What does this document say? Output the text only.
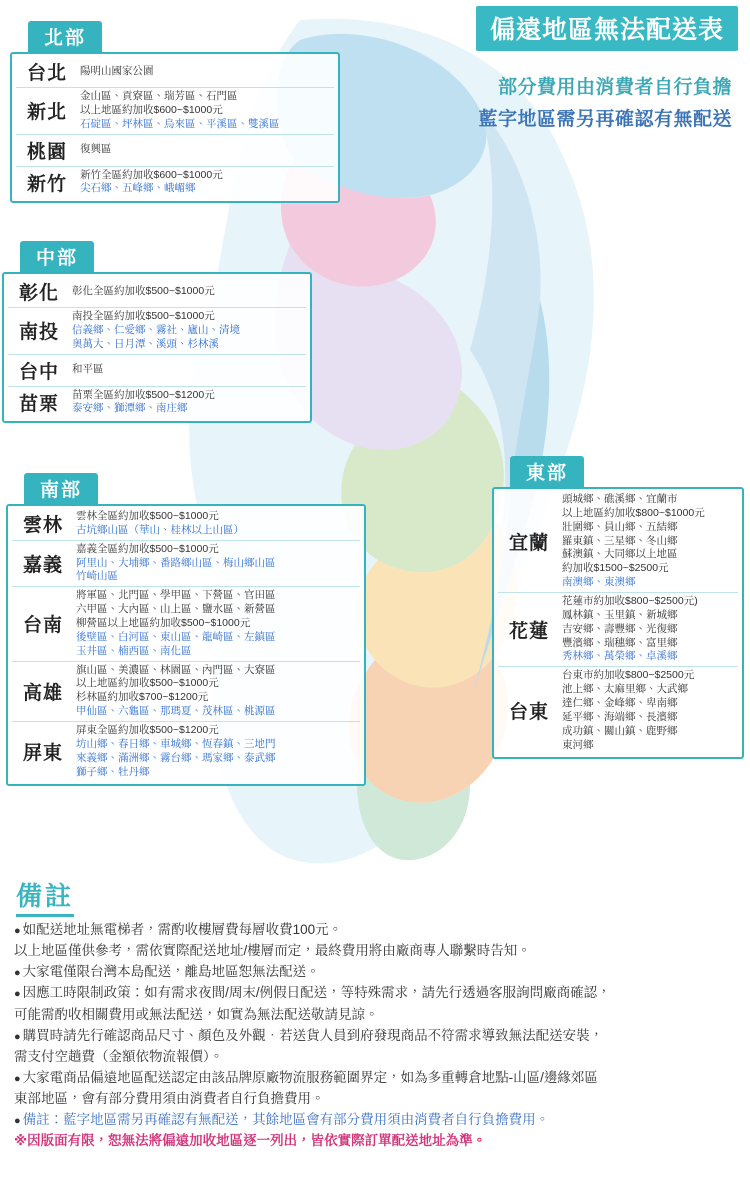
偏遠地區無法配送表
部分費用由消費者自行負擔
藍字地區需另再確認有無配送
北部
台北	陽明山國家公園

新北	金山區、貢寮區、瑞芳區、石門區
以上地區約加收$600~$1000元
石碇區、坪林區、烏來區、平溪區、雙溪區

桃園	復興區

新竹	新竹全區約加收$600~$1000元
尖石鄉、五峰鄉、峨嵋鄉
中部
彰化	彰化全區約加收$500~$1000元

南投	南投全區約加收$500~$1000元
信義鄉、仁愛鄉、霧社、廬山、清境
奧萬大、日月潭、溪頭、杉林溪

台中	和平區

苗栗	苗栗全區約加收$500~$1200元
泰安鄉、獅潭鄉、南庄鄉
南部
雲林	雲林全區約加收$500~$1000元
古坑鄉山區（華山、桂林以上山區）

嘉義	嘉義全區約加收$500~$1000元
阿里山、大埔鄉、番路鄉山區、梅山鄉山區
竹崎山區

台南	將軍區、北門區、學甲區、下營區、官田區
六甲區、大內區、山上區、鹽水區、新營區
柳營區以上地區約加收$500~$1000元
後壁區、白河區、東山區、龍崎區、左鎮區
玉井區、楠西區、南化區

高雄	旗山區、美濃區、林園區、內門區、大寮區
以上地區約加收$500~$1000元
杉林區約加收$700~$1200元
甲仙區、六龜區、那瑪夏、茂林區、桃源區

屏東	屏東全區約加收$500~$1200元
坊山鄉、春日鄉、車城鄉、恆春鎮、三地門
來義鄉、滿洲鄉、霧台鄉、瑪家鄉、泰武鄉
獅子鄉、牡丹鄉
東部
宜蘭	
頭城鄉、礁溪鄉、宜蘭市
以上地區約加收$800~$1000元
壯圍鄉、員山鄉、五結鄉
羅東鎮、三星鄉、冬山鄉
蘇澳鎮、大同鄉以上地區
約加收$1500~$2500元
南澳鄉、東澳鄉

花蓮	花蓮市約加收$800~$2500元)
鳳林鎮、玉里鎮、新城鄉
吉安鄉、壽豐鄉、光復鄉
豐濱鄉、瑞穗鄉、富里鄉
秀林鄉、萬榮鄉、卓溪鄉

台東	
台東市約加收$800~$2500元
池上鄉、太麻里鄉、大武鄉
達仁鄉、金峰鄉、卑南鄉
延平鄉、海端鄉、長濱鄉
成功鎮、關山鎮、鹿野鄉
東河鄉
備註
● 如配送地址無電梯者，需酌收樓層費每層收費100元。
以上地區僅供參考，需依實際配送地址/樓層而定，最終費用將由廠商專人聯繫時告知。
● 大家電僅限台灣本島配送，離島地區恕無法配送。
● 因應工時限制政策：如有需求夜間/周末/例假日配送，等特殊需求，請先行透過客服詢問廠商確認，
可能需酌收相關費用或無法配送，如實為無法配送敬請見諒。
● 購買時請先行確認商品尺寸、顏色及外觀．若送貨人員到府發現商品不符需求導致無法配送安裝，
需支付空趟費（金額依物流報價）。
● 大家電商品偏遠地區配送認定由該品牌原廠物流服務範圍界定，如為多重轉倉地點-山區/邊緣郊區
東部地區，會有部分費用須由消費者自行負擔費用。
● 備註：藍字地區需另再確認有無配送，其餘地區會有部分費用須由消費者自行負擔費用。
※因版面有限，恕無法將偏遠加收地區逐一列出，皆依實際訂單配送地址為準。
